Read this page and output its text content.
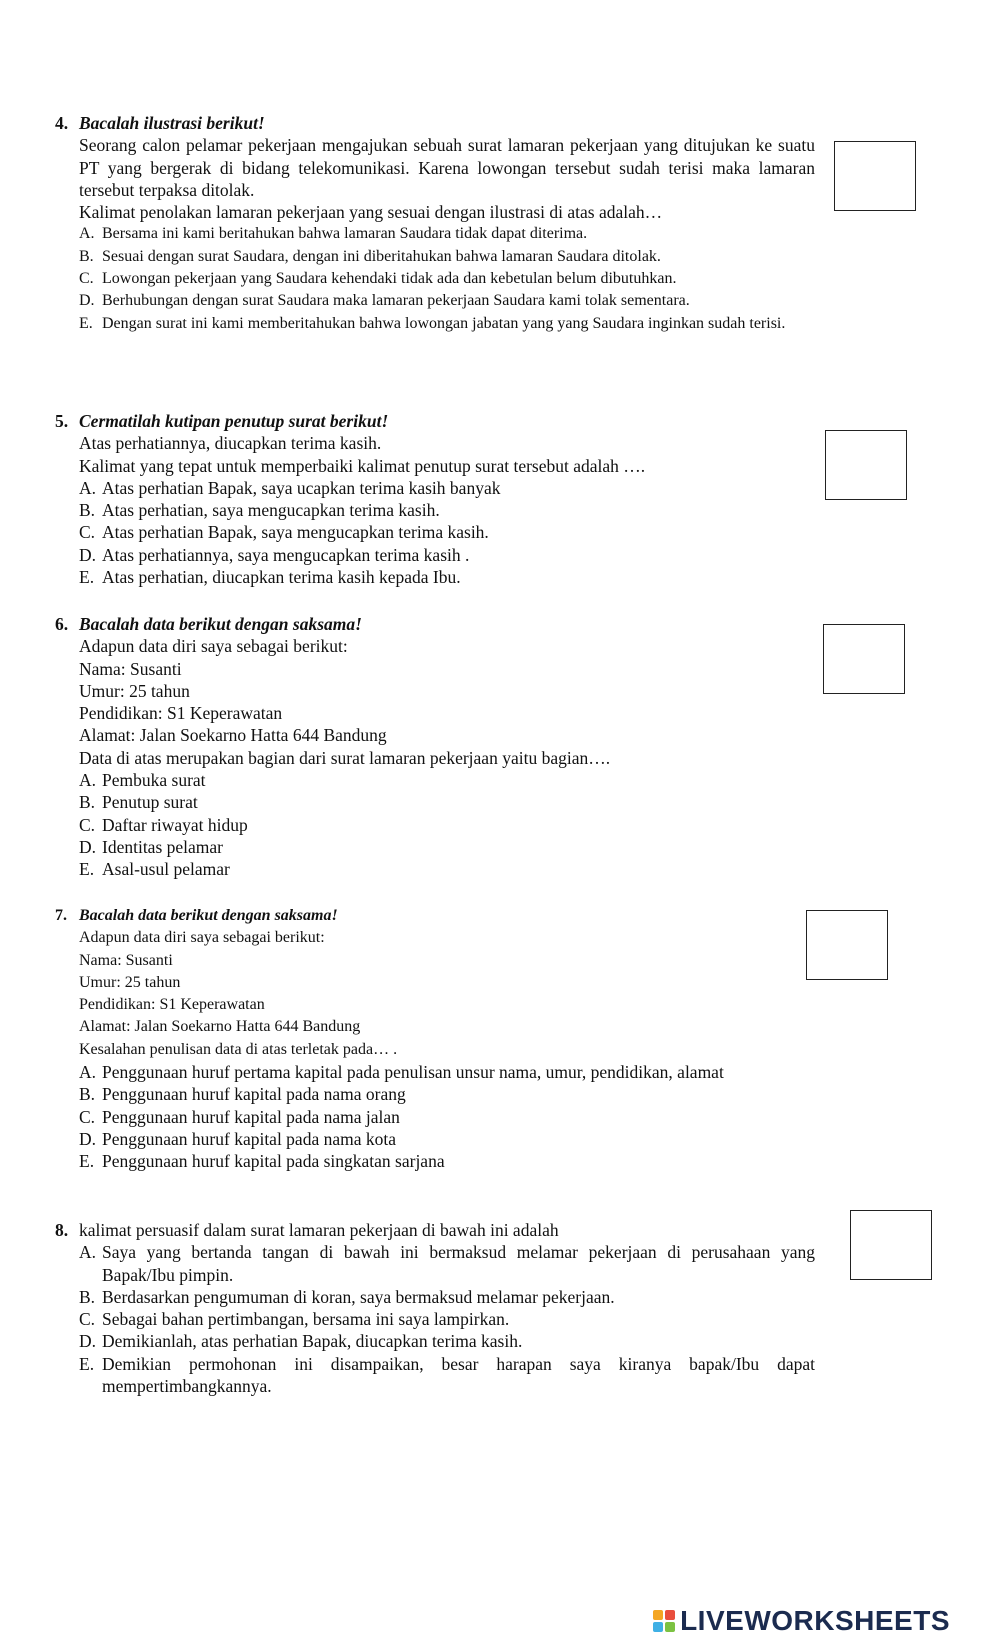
4. Bacalah ilustrasi berikut!
Seorang calon pelamar pekerjaan mengajukan sebuah surat lamaran pekerjaan yang ditujukan ke suatu PT yang bergerak di bidang telekomunikasi. Karena lowongan tersebut sudah terisi maka lamaran tersebut terpaksa ditolak.
Kalimat penolakan lamaran pekerjaan yang sesuai dengan ilustrasi di atas adalah…
A. Bersama ini kami beritahukan bahwa lamaran Saudara tidak dapat diterima.
B. Sesuai dengan surat Saudara, dengan ini diberitahukan bahwa lamaran Saudara ditolak.
C. Lowongan pekerjaan yang Saudara kehendaki tidak ada dan kebetulan belum dibutuhkan.
D. Berhubungan dengan surat Saudara maka lamaran pekerjaan Saudara kami tolak sementara.
E. Dengan surat ini kami memberitahukan bahwa lowongan jabatan yang yang Saudara inginkan sudah terisi.
5. Cermatilah kutipan penutup surat berikut!
Atas perhatiannya, diucapkan terima kasih.
Kalimat yang tepat untuk memperbaiki kalimat penutup surat tersebut adalah ….
A. Atas perhatian Bapak, saya ucapkan terima kasih banyak
B. Atas perhatian, saya mengucapkan terima kasih.
C. Atas perhatian Bapak, saya mengucapkan terima kasih.
D. Atas perhatiannya, saya mengucapkan terima kasih .
E. Atas perhatian, diucapkan terima kasih kepada Ibu.
6. Bacalah data berikut dengan saksama!
Adapun data diri saya sebagai berikut:
Nama: Susanti
Umur: 25 tahun
Pendidikan: S1 Keperawatan
Alamat: Jalan Soekarno Hatta 644 Bandung
Data di atas merupakan bagian dari surat lamaran pekerjaan yaitu bagian….
A. Pembuka surat
B. Penutup surat
C. Daftar riwayat hidup
D. Identitas pelamar
E. Asal-usul pelamar
7. Bacalah data berikut dengan saksama!
Adapun data diri saya sebagai berikut:
Nama: Susanti
Umur: 25 tahun
Pendidikan: S1 Keperawatan
Alamat: Jalan Soekarno Hatta 644 Bandung
Kesalahan penulisan data di atas terletak pada… .
A. Penggunaan huruf pertama kapital pada penulisan unsur nama, umur, pendidikan, alamat
B. Penggunaan huruf kapital pada nama orang
C. Penggunaan huruf kapital pada nama jalan
D. Penggunaan huruf kapital pada nama kota
E. Penggunaan huruf kapital pada singkatan sarjana
8. kalimat persuasif dalam surat lamaran pekerjaan di bawah ini adalah
A. Saya yang bertanda tangan di bawah ini bermaksud melamar pekerjaan di perusahaan yang Bapak/Ibu pimpin.
B. Berdasarkan pengumuman di koran, saya bermaksud melamar pekerjaan.
C. Sebagai bahan pertimbangan, bersama ini saya lampirkan.
D. Demikianlah, atas perhatian Bapak, diucapkan terima kasih.
E. Demikian permohonan ini disampaikan, besar harapan saya kiranya bapak/Ibu dapat mempertimbangkannya.
LIVEWORKSHEETS
